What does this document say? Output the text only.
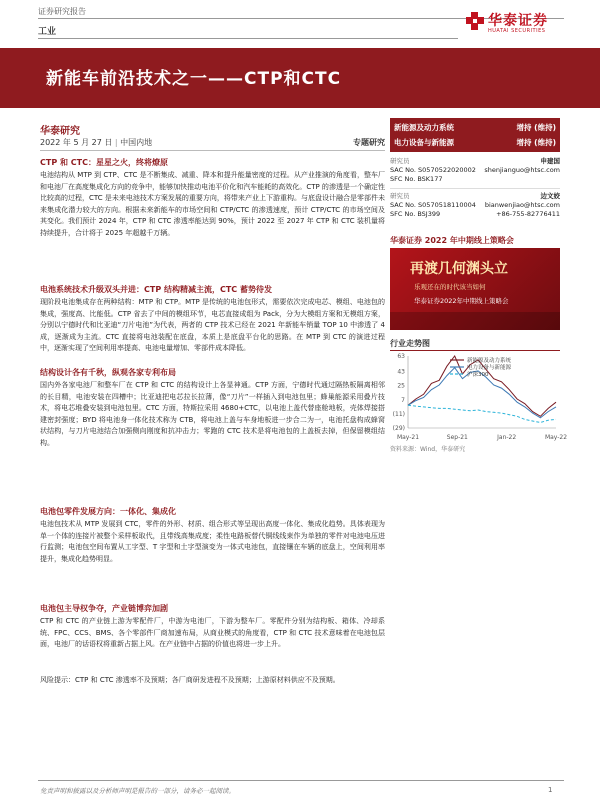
证券研究报告
工业
华泰证券
HUATAI SECURITIES
新能车前沿技术之一——CTP和CTC
华泰研究
2022 年 5 月 27 日 | 中国内地	专题研究
CTP 和 CTC：星星之火，终将燎原
电池结构从 MTP 到 CTP、CTC 是不断集成、减重、降本和提升能量密度的过程。从产业推演的角度看，整车厂和电池厂在高度集成化方向的竞争中，能够加快推动电池平价化和汽车能耗的高效化。CTP 的渗透是一个确定性比较高的过程，CTC 是未来电池技术方案发展的重要方向，将带来产业上下游重构。与底盘设计融合是零部件未来集成化潜力较大的方向。根据未来新能车的市场空间和 CTP/CTC 的渗透速度，预计 CTP/CTC 的市场空间及其变化。我们预计 2024 年，CTP 和 CTC 渗透率能达到 90%，预计 2022 至 2027 年 CTP 和 CTC 装机量将持续提升，合计将于 2025 年超越千万辆。
电池系统技术升级双头并进：CTP 结构精减主流，CTC 蓄势待发
现阶段电池集成存在两种结构：MTP 和 CTP。MTP 是传统的电池包形式，需要依次完成电芯、模组、电池包的集成，强度高、比能低。CTP 省去了中间的模组环节，电芯直接成组为 Pack，分为大模组方案和无模组方案，分别以宁德时代和比亚迪“刀片电池”为代表，两者的 CTP 技术已经在 2021 年新能车销量 TOP 10 中渗透了 4 成，逐渐成为主流。CTC 直接将电池装配在底盘，本质上是底盘平台化的思路。在 MTP 到 CTC 的演进过程中，逐渐实现了空间利用率提高、电池电量增加、零部件成本降低。
结构设计各有千秋，纵观各家专利布局
国内外各家电池厂和整车厂在 CTP 和 CTC 的结构设计上各显神通。CTP 方面，宁德时代通过隔热板隔离相邻的长目精，电池安装在四槽中；比亚迪把电芯拉长拉薄，像“刀片”一样插入到电池包里；蜂巢能源采用叠片技术，将电芯堆叠安装到电池包里。CTC 方面，特斯拉采用 4680+CTC，以电池上盖代替座舱地板，壳体焊接搭建密封强度；BYD 将电池身一体化技术称为 CTB，将电池上盖与车身地板进一步合二为一，电池托盘构成蜂窝状结构，与刀片电池结合加强侧向刚度和抗冲击力；零跑的 CTC 技术是将电池包的上盖板去掉，但保留模组结构。
电池包零件发展方向：一体化、集成化
电池包技术从 MTP 发展到 CTC，零件的外形、材质、组合形式等呈现出高度一体化、集成化趋势。具体表现为单一个体的连接片被整个采样板取代，且带线高集成度；柔性电路板替代铜线线束作为单独的零件对电池电压进行监测；电池包空间布置从工字型、T 字型和土字型演变为一体式电池包，直接镶在车辆的底盘上，空间利用率提升，集成化趋势明显。
电池包主导权争夺，产业链博弈加剧
CTP 和 CTC 的产业链上游为零配件厂，中游为电池厂，下游为整车厂。零配件分别为结构板、箱体、冷却系统、FPC、CCS、BMS、各个零部件厂商加速布局，从商业模式的角度看，CTP 和 CTC 技术意味着在电池包层面，电池厂的话语权将重新占据上风。在产业链中占据的价值也将进一步上升。
风险提示：CTP 和 CTC 渗透率不及预期；各厂商研发进程不及预期；上游原材料供应不及预期。
新能源及动力系统	增持 (维持)
电力设备与新能源	增持 (维持)
研究员	申建国
SAC No. S0570522020002 shenjianguo@htsc.com
SFC No. BSK177
研究员	边文姣
SAC No. S0570518110004 bianwenjiao@htsc.com
SFC No. BSJ399	+86-755-82776411
华泰证券 2022 年中期线上策略会
再渡几何渊头立
乐观还在的时代该当如何
华泰证券2022年中期线上策略会
行业走势图
(29)
(11)
7
25
43
63
May-21	Sep-21	Jan-22	May-22
新能源及动力系统
电力设备与新能源
沪深300
资料来源：Wind，华泰研究
免责声明和披露以及分析师声明是报告的一部分，请务必一起阅读。	1
